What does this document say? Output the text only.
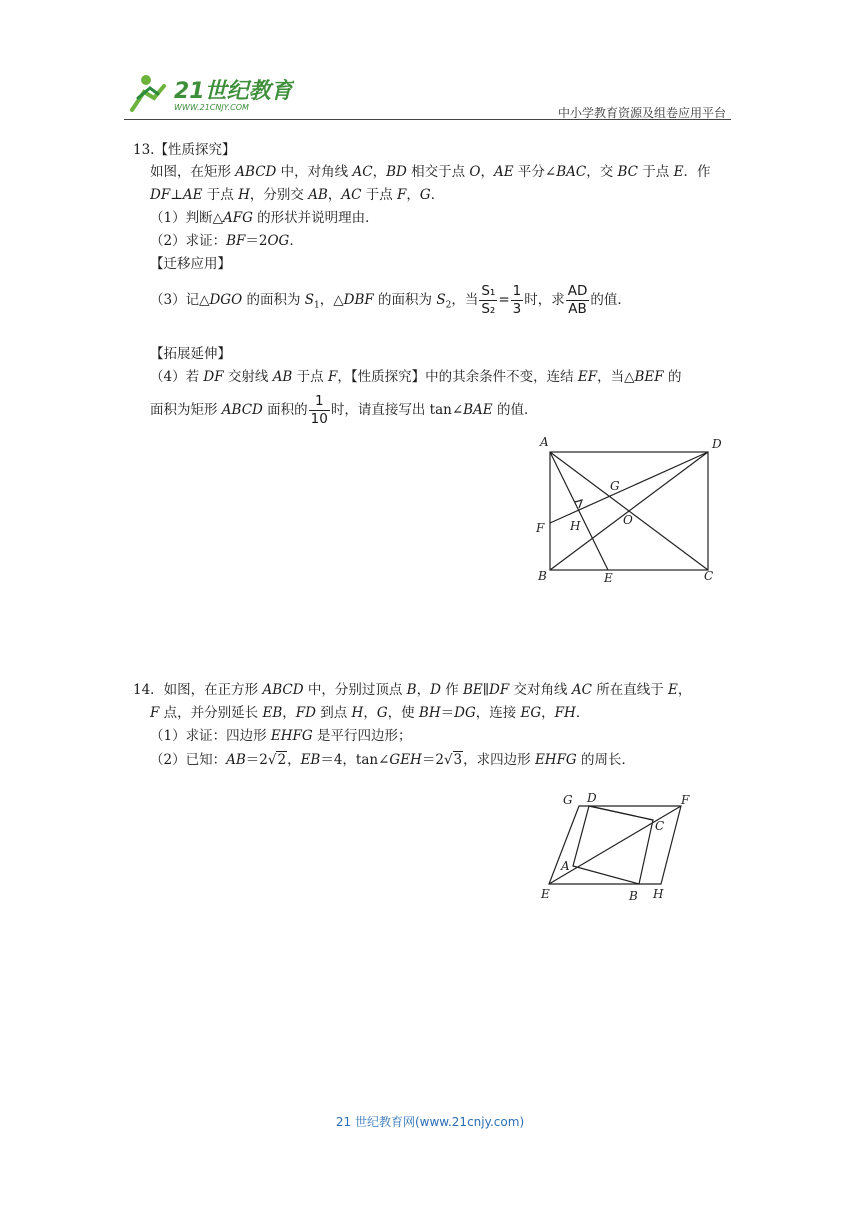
21世纪教育
WWW.21CNJY.COM	中小学教育资源及组卷应用平台
13.【性质探究】
如图，在矩形 ABCD 中，对角线 AC，BD 相交于点 O，AE 平分∠BAC，交 BC 于点 E．作
DF⊥AE 于点 H，分别交 AB，AC 于点 F，G．
（1）判断△AFG 的形状并说明理由．
（2）求证：BF＝2OG．
【迁移应用】
（3）记△DGO 的面积为 $S_1$，△DBF 的面积为 $S_2$，当 $\frac{\text{S₁}}{\text{S₂}} = \frac{1}{3}$ 时，求 $\frac{AD}{AB}$ 的值．
【拓展延伸】
（4）若 DF 交射线 AB 于点 F，【性质探究】中的其余条件不变，连结 EF，当△BEF 的
面积为矩形 ABCD 面积的 $\frac{1}{10}$ 时，请直接写出 tan∠BAE 的值．
A	D
G
F H	O
B	E	C
14．如图，在正方形 ABCD 中，分别过顶点 B，D 作 BE∥DF 交对角线 AC 所在直线于 E，
F 点，并分别延长 EB，FD 到点 H，G，使 BH＝DG，连接 EG，FH．
（1）求证：四边形 EHFG 是平行四边形；
（2）已知：AB＝2√2，EB＝4，tan∠GEH＝2√3，求四边形 EHFG 的周长．
G D	F
C
A
E	B H
21 世纪教育网(www.21cnjy.com)
